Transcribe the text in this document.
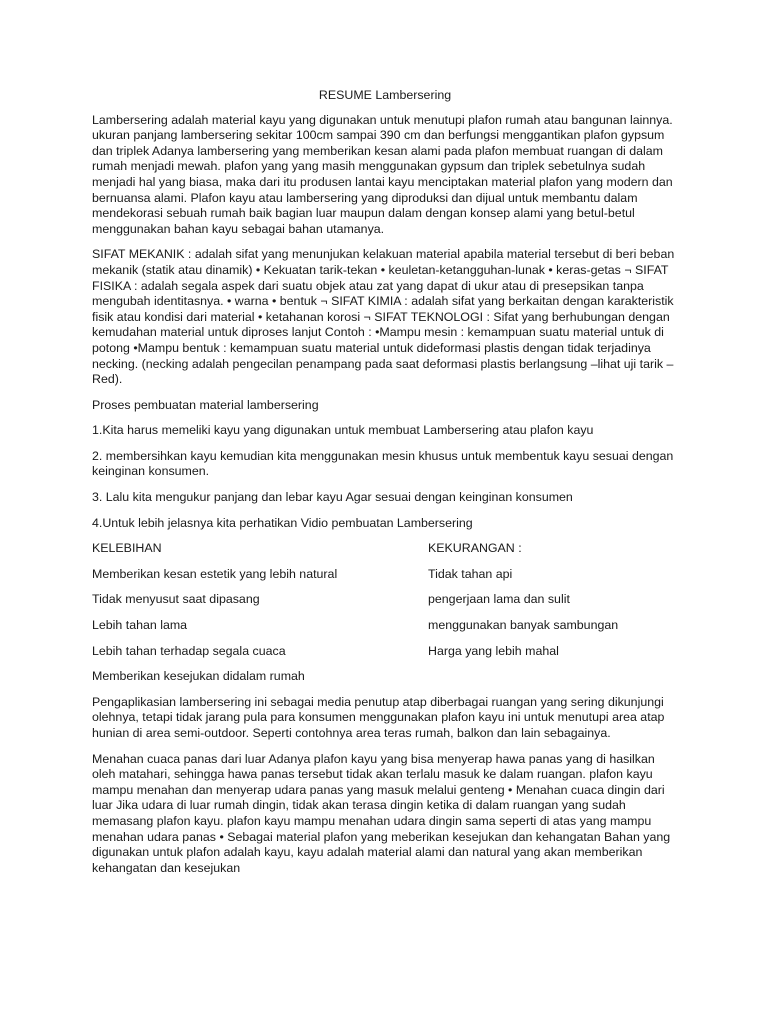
RESUME Lambersering

Lambersering adalah material kayu yang digunakan untuk menutupi plafon rumah atau bangunan lainnya. ukuran panjang lambersering sekitar 100cm sampai 390 cm dan berfungsi menggantikan plafon gypsum dan triplek Adanya lambersering yang memberikan kesan alami pada plafon membuat ruangan di dalam rumah menjadi mewah. plafon yang yang masih menggunakan gypsum dan triplek sebetulnya sudah menjadi hal yang biasa, maka dari itu produsen lantai kayu menciptakan material plafon yang modern dan bernuansa alami. Plafon kayu atau lambersering yang diproduksi dan dijual untuk membantu dalam mendekorasi sebuah rumah baik bagian luar maupun dalam dengan konsep alami yang betul-betul menggunakan bahan kayu sebagai bahan utamanya.

SIFAT MEKANIK : adalah sifat yang menunjukan kelakuan material apabila material tersebut di beri beban mekanik (statik atau dinamik) • Kekuatan tarik-tekan • keuletan-ketangguhan-lunak • keras-getas ¬ SIFAT FISIKA : adalah segala aspek dari suatu objek atau zat yang dapat di ukur atau di presepsikan tanpa mengubah identitasnya. • warna • bentuk ¬ SIFAT KIMIA : adalah sifat yang berkaitan dengan karakteristik fisik atau kondisi dari material • ketahanan korosi ¬ SIFAT TEKNOLOGI : Sifat yang berhubungan dengan kemudahan material untuk diproses lanjut Contoh : •Mampu mesin : kemampuan suatu material untuk di potong •Mampu bentuk : kemampuan suatu material untuk dideformasi plastis dengan tidak terjadinya necking. (necking adalah pengecilan penampang pada saat deformasi plastis berlangsung –lihat uji tarik –Red).

Proses pembuatan material lambersering

1.Kita harus memeliki kayu yang digunakan untuk membuat Lambersering atau plafon kayu

2. membersihkan kayu kemudian kita menggunakan mesin khusus untuk membentuk kayu sesuai dengan keinginan konsumen.

3. Lalu kita mengukur panjang dan lebar kayu Agar sesuai dengan keinginan konsumen

4.Untuk lebih jelasnya kita perhatikan Vidio pembuatan Lambersering

KELEBIHAN	KEKURANGAN :
Memberikan kesan estetik yang lebih natural	Tidak tahan api
Tidak menyusut saat dipasang	pengerjaan lama dan sulit
Lebih tahan lama	menggunakan banyak sambungan
Lebih tahan terhadap segala cuaca	Harga yang lebih mahal
Memberikan kesejukan didalam rumah

Pengaplikasian lambersering ini sebagai media penutup atap diberbagai ruangan yang sering dikunjungi olehnya, tetapi tidak jarang pula para konsumen menggunakan plafon kayu ini untuk menutupi area atap hunian di area semi-outdoor. Seperti contohnya area teras rumah, balkon dan lain sebagainya.

Menahan cuaca panas dari luar Adanya plafon kayu yang bisa menyerap hawa panas yang di hasilkan oleh matahari, sehingga hawa panas tersebut tidak akan terlalu masuk ke dalam ruangan. plafon kayu mampu menahan dan menyerap udara panas yang masuk melalui genteng • Menahan cuaca dingin dari luar Jika udara di luar rumah dingin, tidak akan terasa dingin ketika di dalam ruangan yang sudah memasang plafon kayu. plafon kayu mampu menahan udara dingin sama seperti di atas yang mampu menahan udara panas • Sebagai material plafon yang meberikan kesejukan dan kehangatan Bahan yang digunakan untuk plafon adalah kayu, kayu adalah material alami dan natural yang akan memberikan kehangatan dan kesejukan
